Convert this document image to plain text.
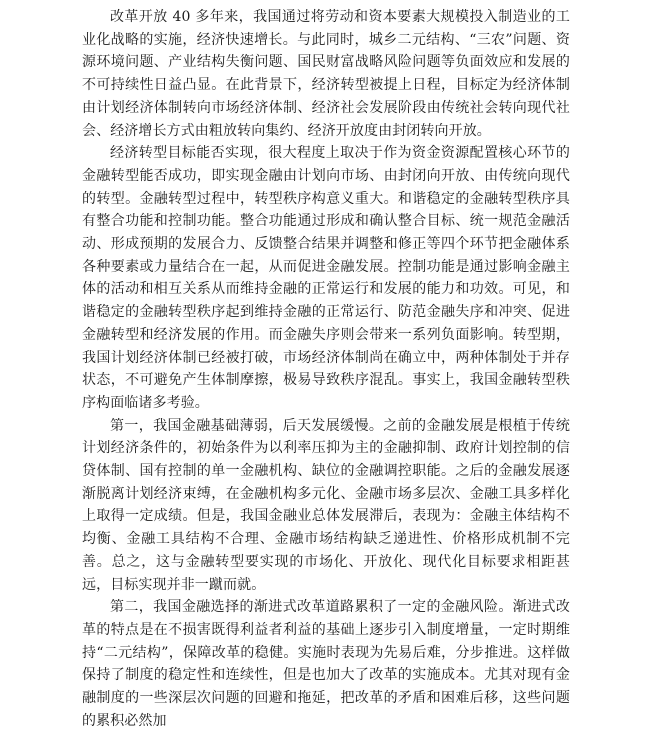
改革开放 40 多年来，我国通过将劳动和资本要素大规模投入制造业的工业化战略的实施，经济快速增长。与此同时，城乡二元结构、“三农”问题、资源环境问题、产业结构失衡问题、国民财富战略风险问题等负面效应和发展的不可持续性日益凸显。在此背景下，经济转型被提上日程，目标定为经济体制由计划经济体制转向市场经济体制、经济社会发展阶段由传统社会转向现代社会、经济增长方式由粗放转向集约、经济开放度由封闭转向开放。

经济转型目标能否实现，很大程度上取决于作为资金资源配置核心环节的金融转型能否成功，即实现金融由计划向市场、由封闭向开放、由传统向现代的转型。金融转型过程中，转型秩序构意义重大。和谐稳定的金融转型秩序具有整合功能和控制功能。整合功能通过形成和确认整合目标、统一规范金融活动、形成预期的发展合力、反馈整合结果并调整和修正等四个环节把金融体系各种要素或力量结合在一起，从而促进金融发展。控制功能是通过影响金融主体的活动和相互关系从而维持金融的正常运行和发展的能力和功效。可见，和谐稳定的金融转型秩序起到维持金融的正常运行、防范金融失序和冲突、促进金融转型和经济发展的作用。而金融失序则会带来一系列负面影响。转型期，我国计划经济体制已经被打破，市场经济体制尚在确立中，两种体制处于并存状态，不可避免产生体制摩擦，极易导致秩序混乱。事实上，我国金融转型秩序构面临诸多考验。

第一，我国金融基础薄弱，后天发展缓慢。之前的金融发展是根植于传统计划经济条件的，初始条件为以利率压抑为主的金融抑制、政府计划控制的信贷体制、国有控制的单一金融机构、缺位的金融调控职能。之后的金融发展逐渐脱离计划经济束缚，在金融机构多元化、金融市场多层次、金融工具多样化上取得一定成绩。但是，我国金融业总体发展滞后，表现为：金融主体结构不均衡、金融工具结构不合理、金融市场结构缺乏递进性、价格形成机制不完善。总之，这与金融转型要实现的市场化、开放化、现代化目标要求相距甚远，目标实现并非一蹴而就。

第二，我国金融选择的渐进式改革道路累积了一定的金融风险。渐进式改革的特点是在不损害既得利益者利益的基础上逐步引入制度增量，一定时期维持“二元结构”，保障改革的稳健。实施时表现为先易后难，分步推进。这样做保持了制度的稳定性和连续性，但是也加大了改革的实施成本。尤其对现有金融制度的一些深层次问题的回避和拖延，把改革的矛盾和困难后移，这些问题的累积必然加
